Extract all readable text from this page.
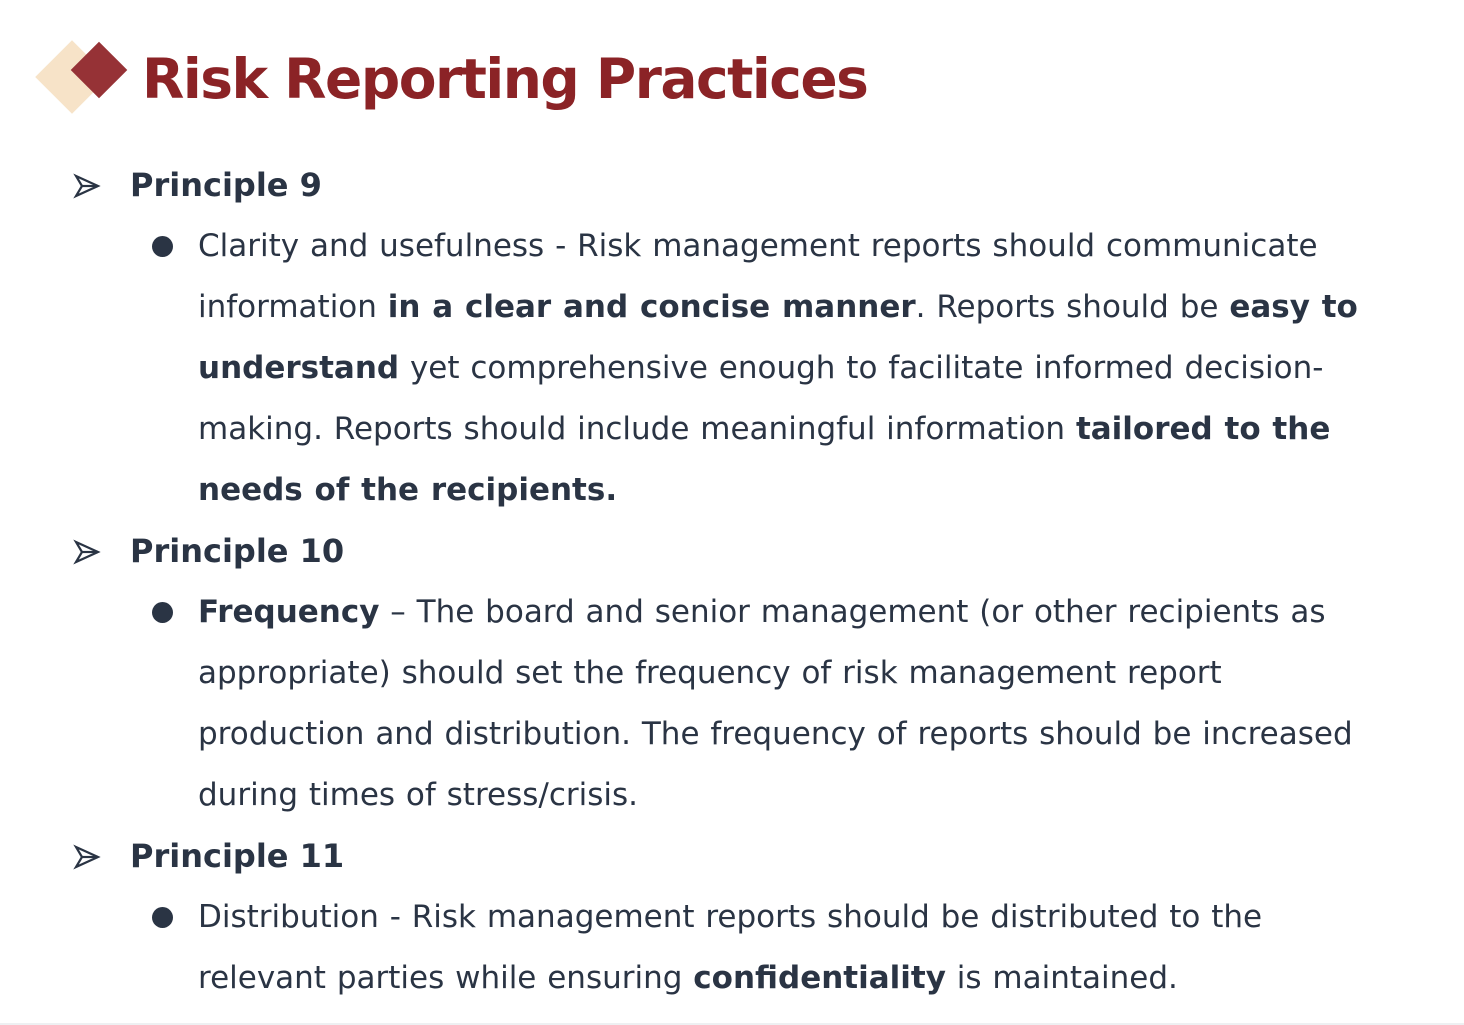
Risk Reporting Practices
Principle 9

Clarity and usefulness - Risk management reports should communicate information in a clear and concise manner. Reports should be easy to understand yet comprehensive enough to facilitate informed decision-making. Reports should include meaningful information tailored to the needs of the recipients.

Principle 10

Frequency – The board and senior management (or other recipients as appropriate) should set the frequency of risk management report production and distribution. The frequency of reports should be increased during times of stress/crisis.

Principle 11

Distribution - Risk management reports should be distributed to the relevant parties while ensuring confidentiality is maintained.
